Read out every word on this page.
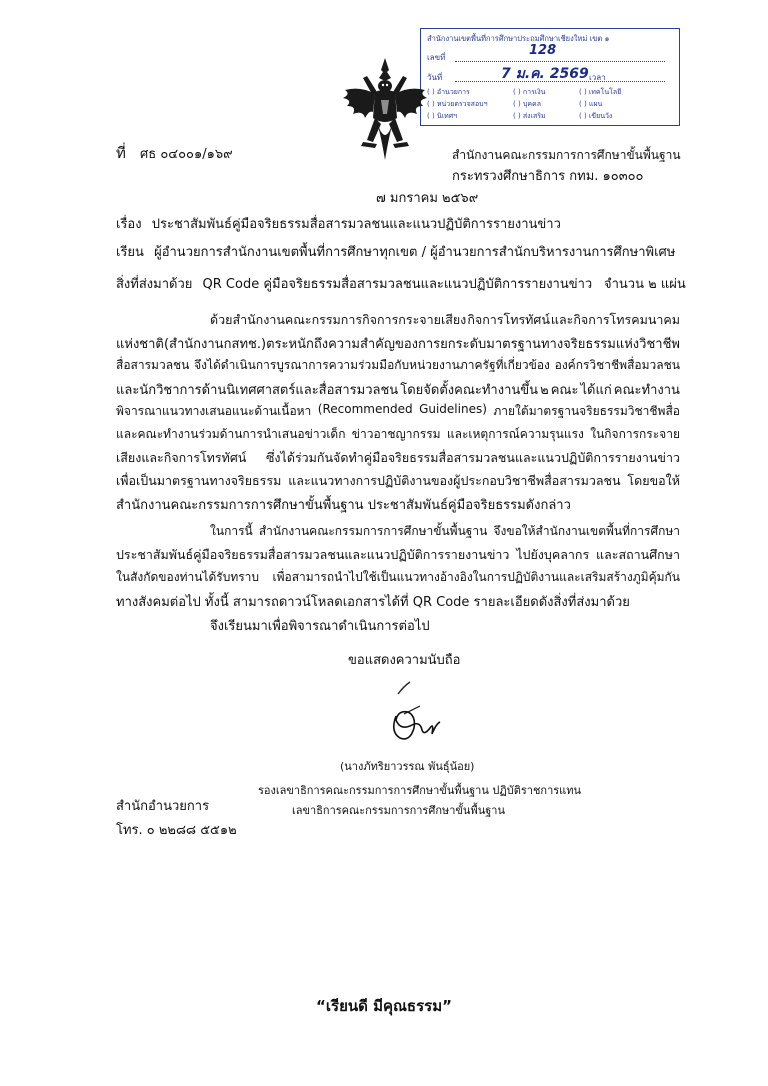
สำนักงานเขตพื้นที่การศึกษาประถมศึกษาเชียงใหม่ เขต ๑
เลขที่	128
วันที่	7 ม.ค. 2569 เวลา
( ) อำนวยการ	( ) การเงิน	( ) เทคโนโลยี
( ) หน่วยตรวจสอบฯ	( ) บุคคล	( ) แผน
( ) นิเทศฯ	( ) ส่งเสริม	( ) เขียนวัง
ที่ ศธ ๐๔๐๐๑/๑๖๙	สำนักงานคณะกรรมการการศึกษาขั้นพื้นฐาน
กระทรวงศึกษาธิการ กทม. ๑๐๓๐๐
๗ มกราคม ๒๕๖๙
เรื่อง ประชาสัมพันธ์คู่มือจริยธรรมสื่อสารมวลชนและแนวปฏิบัติการรายงานข่าว
เรียน ผู้อำนวยการสำนักงานเขตพื้นที่การศึกษาทุกเขต / ผู้อำนวยการสำนักบริหารงานการศึกษาพิเศษ
สิ่งที่ส่งมาด้วย QR Code คู่มือจริยธรรมสื่อสารมวลชนและแนวปฏิบัติการรายงานข่าว จำนวน ๒ แผ่น
ด้วยสำนักงานคณะกรรมการกิจการกระจายเสียง กิจการโทรทัศน์ และกิจการโทรคมนาคม
แห่งชาติ (สำนักงาน กสทช.) ตระหนักถึงความสำคัญของการยกระดับมาตรฐานทางจริยธรรมแห่งวิชาชีพ
สื่อสารมวลชน จึงได้ดำเนินการบูรณาการความร่วมมือกับหน่วยงานภาครัฐที่เกี่ยวข้อง องค์กรวิชาชีพสื่อมวลชน
และนักวิชาการด้านนิเทศศาสตร์และสื่อสารมวลชน โดยจัดตั้งคณะทำงานขึ้น ๒ คณะ ได้แก่ คณะทำงาน
พิจารณาแนวทางเสนอแนะด้านเนื้อหา (Recommended Guidelines) ภายใต้มาตรฐานจริยธรรมวิชาชีพสื่อ
และคณะทำงานร่วมด้านการนำเสนอข่าวเด็ก ข่าวอาชญากรรม และเหตุการณ์ความรุนแรง ในกิจการกระจาย
เสียงและกิจการโทรทัศน์ ซึ่งได้ร่วมกันจัดทำคู่มือจริยธรรมสื่อสารมวลชนและแนวปฏิบัติการรายงานข่าว
เพื่อเป็นมาตรฐานทางจริยธรรม และแนวทางการปฏิบัติงานของผู้ประกอบวิชาชีพสื่อสารมวลชน โดยขอให้
สำนักงานคณะกรรมการการศึกษาขั้นพื้นฐาน ประชาสัมพันธ์คู่มือจริยธรรมดังกล่าว
ในการนี้ สำนักงานคณะกรรมการการศึกษาขั้นพื้นฐาน จึงขอให้สำนักงานเขตพื้นที่การศึกษา
ประชาสัมพันธ์คู่มือจริยธรรมสื่อสารมวลชนและแนวปฏิบัติการรายงานข่าว ไปยังบุคลากร และสถานศึกษา
ในสังกัดของท่านได้รับทราบ เพื่อสามารถนำไปใช้เป็นแนวทางอ้างอิงในการปฏิบัติงานและเสริมสร้างภูมิคุ้มกัน
ทางสังคมต่อไป ทั้งนี้ สามารถดาวน์โหลดเอกสารได้ที่ QR Code รายละเอียดดังสิ่งที่ส่งมาด้วย
จึงเรียนมาเพื่อพิจารณาดำเนินการต่อไป
ขอแสดงความนับถือ
(นางภัทริยาวรรณ พันธุ์น้อย)
รองเลขาธิการคณะกรรมการการศึกษาขั้นพื้นฐาน ปฏิบัติราชการแทน
เลขาธิการคณะกรรมการการศึกษาขั้นพื้นฐาน
สำนักอำนวยการ
โทร. ๐ ๒๒๘๘ ๕๕๑๒
“เรียนดี มีคุณธรรม”
